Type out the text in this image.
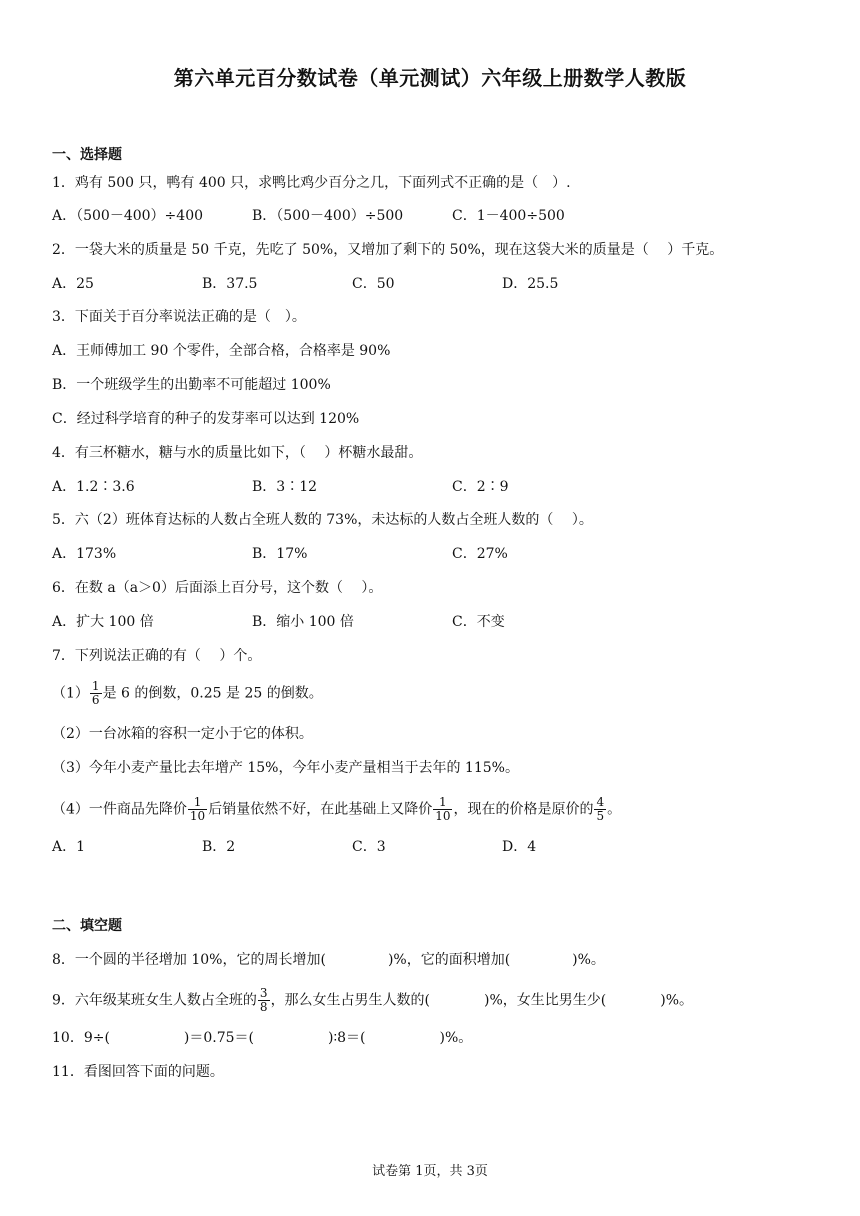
第六单元百分数试卷（单元测试）六年级上册数学人教版
一、选择题
1．鸡有 500 只，鸭有 400 只，求鸭比鸡少百分之几，下面列式不正确的是（　）.
A．（500－400）÷400	B．（500－400）÷500	C．1－400÷500
2．一袋大米的质量是 50 千克，先吃了 50%，又增加了剩下的 50%，现在这袋大米的质量是（　 ）千克。
A．25	B．37.5	C．50	D．25.5
3．下面关于百分率说法正确的是（　）。
A．王师傅加工 90 个零件，全部合格，合格率是 90%
B．一个班级学生的出勤率不可能超过 100%
C．经过科学培育的种子的发芽率可以达到 120%
4．有三杯糖水，糖与水的质量比如下，（　 ）杯糖水最甜。
A．1.2∶3.6	B．3∶12	C．2∶9
5．六（2）班体育达标的人数占全班人数的 73%，未达标的人数占全班人数的（　 ）。
A．173%	B．17%	C．27%
6．在数 a（a＞0）后面添上百分号，这个数（　 ）。
A．扩大 100 倍	B．缩小 100 倍	C．不变
7．下列说法正确的有（　 ）个。
$(1) \frac{1}{6}$ 是 6 的倒数，0.25 是 25 的倒数。
（2）一台冰箱的容积一定小于它的体积。
（3）今年小麦产量比去年增产 15%，今年小麦产量相当于去年的 115%。
（4）一件商品先降价 $\frac{1}{10}$ 后销量依然不好，在此基础上又降价 $\frac{1}{10}$ ，现在的价格是原价的 $\frac{4}{5}$ 。
A．1	B．2	C．3	D．4
二、填空题
8．一个圆的半径增加 10%，它的周长增加(	)%，它的面积增加(	)%。
9．六年级某班女生人数占全班的 $\frac{3}{8}$ ，那么女生占男生人数的(	)%，女生比男生少(	)%。
10．9÷(	)＝0.75＝(	)∶8＝(	)%。
11．看图回答下面的问题。
试卷第 1页，共 3页
